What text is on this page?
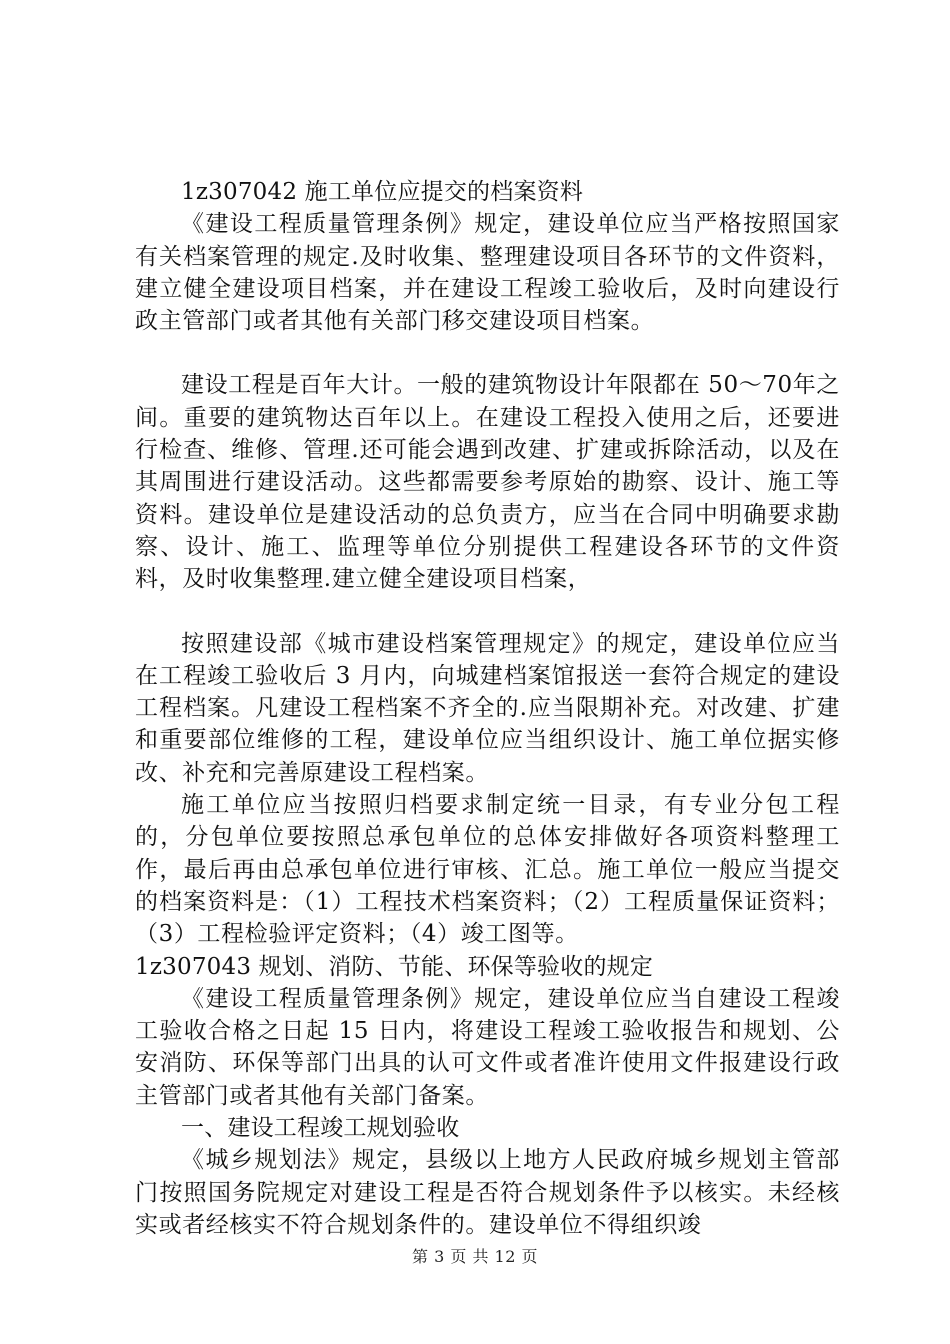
1z307042 施工单位应提交的档案资料

《建设工程质量管理条例》规定，建设单位应当严格按照国家有关档案管理的规定.及时收集、整理建设项目各环节的文件资料，建立健全建设项目档案，并在建设工程竣工验收后，及时向建设行政主管部门或者其他有关部门移交建设项目档案。

建设工程是百年大计。一般的建筑物设计年限都在 50～70年之间。重要的建筑物达百年以上。在建设工程投入使用之后，还要进行检查、维修、管理.还可能会遇到改建、扩建或拆除活动，以及在其周围进行建设活动。这些都需要参考原始的勘察、设计、施工等资料。建设单位是建设活动的总负责方，应当在合同中明确要求勘察、设计、施工、监理等单位分别提供工程建设各环节的文件资料，及时收集整理.建立健全建设项目档案，

按照建设部《城市建设档案管理规定》的规定，建设单位应当在工程竣工验收后 3 月内，向城建档案馆报送一套符合规定的建设工程档案。凡建设工程档案不齐全的.应当限期补充。对改建、扩建和重要部位维修的工程，建设单位应当组织设计、施工单位据实修改、补充和完善原建设工程档案。

施工单位应当按照归档要求制定统一目录，有专业分包工程的，分包单位要按照总承包单位的总体安排做好各项资料整理工作，最后再由总承包单位进行审核、汇总。施工单位一般应当提交的档案资料是：（1）工程技术档案资料；（2）工程质量保证资料；（3）工程检验评定资料；（4）竣工图等。

1z307043 规划、消防、节能、环保等验收的规定

《建设工程质量管理条例》规定，建设单位应当自建设工程竣工验收合格之日起 15 日内，将建设工程竣工验收报告和规划、公安消防、环保等部门出具的认可文件或者准许使用文件报建设行政主管部门或者其他有关部门备案。

一、建设工程竣工规划验收

《城乡规划法》规定，县级以上地方人民政府城乡规划主管部门按照国务院规定对建设工程是否符合规划条件予以核实。未经核实或者经核实不符合规划条件的。建设单位不得组织竣

第 3 页 共 12 页
